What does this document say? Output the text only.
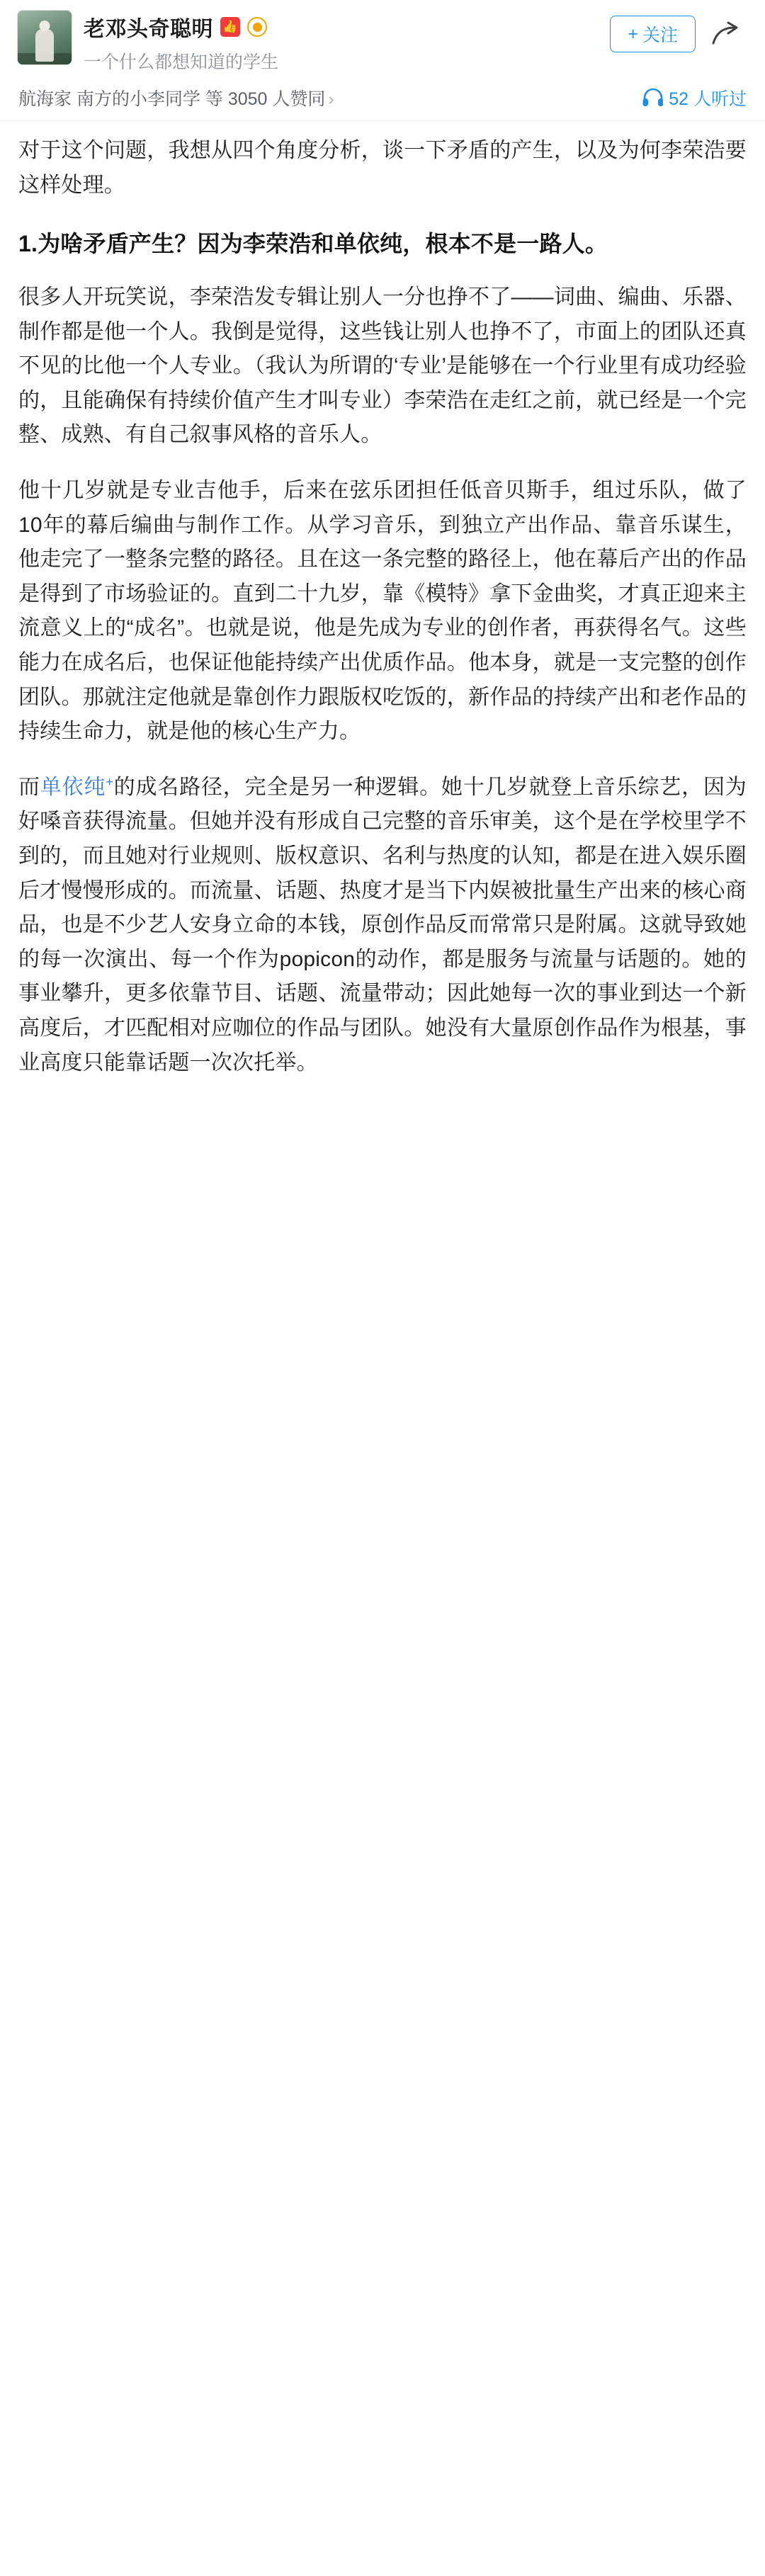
老邓头奇聪明 👍
一个什么都想知道的学生
+ 关注
航海家 南方的小李同学 等 3050 人赞同 ›	52 人听过

对于这个问题，我想从四个角度分析，谈一下矛盾的产生，以及为何李荣浩要这样处理。

1.为啥矛盾产生？因为李荣浩和单依纯，根本不是一路人。

很多人开玩笑说，李荣浩发专辑让别人一分也挣不了——词曲、编曲、乐器、制作都是他一个人。我倒是觉得，这些钱让别人也挣不了，市面上的团队还真不见的比他一个人专业。（我认为所谓的‘专业’是能够在一个行业里有成功经验的，且能确保有持续价值产生才叫专业）李荣浩在走红之前，就已经是一个完整、成熟、有自己叙事风格的音乐人。

他十几岁就是专业吉他手，后来在弦乐团担任低音贝斯手，组过乐队，做了10年的幕后编曲与制作工作。从学习音乐，到独立产出作品、靠音乐谋生，他走完了一整条完整的路径。且在这一条完整的路径上，他在幕后产出的作品是得到了市场验证的。直到二十九岁，靠《模特》拿下金曲奖，才真正迎来主流意义上的“成名”。也就是说，他是先成为专业的创作者，再获得名气。这些能力在成名后，也保证他能持续产出优质作品。他本身，就是一支完整的创作团队。那就注定他就是靠创作力跟版权吃饭的，新作品的持续产出和老作品的持续生命力，就是他的核心生产力。

而单依纯+的成名路径，完全是另一种逻辑。她十几岁就登上音乐综艺，因为好嗓音获得流量。但她并没有形成自己完整的音乐审美，这个是在学校里学不到的，而且她对行业规则、版权意识、名利与热度的认知，都是在进入娱乐圈后才慢慢形成的。而流量、话题、热度才是当下内娱被批量生产出来的核心商品，也是不少艺人安身立命的本钱，原创作品反而常常只是附属。这就导致她的每一次演出、每一个作为popicon的动作，都是服务与流量与话题的。她的事业攀升，更多依靠节目、话题、流量带动；因此她每一次的事业到达一个新高度后，才匹配相对应咖位的作品与团队。她没有大量原创作品作为根基，事业高度只能靠话题一次次托举。
